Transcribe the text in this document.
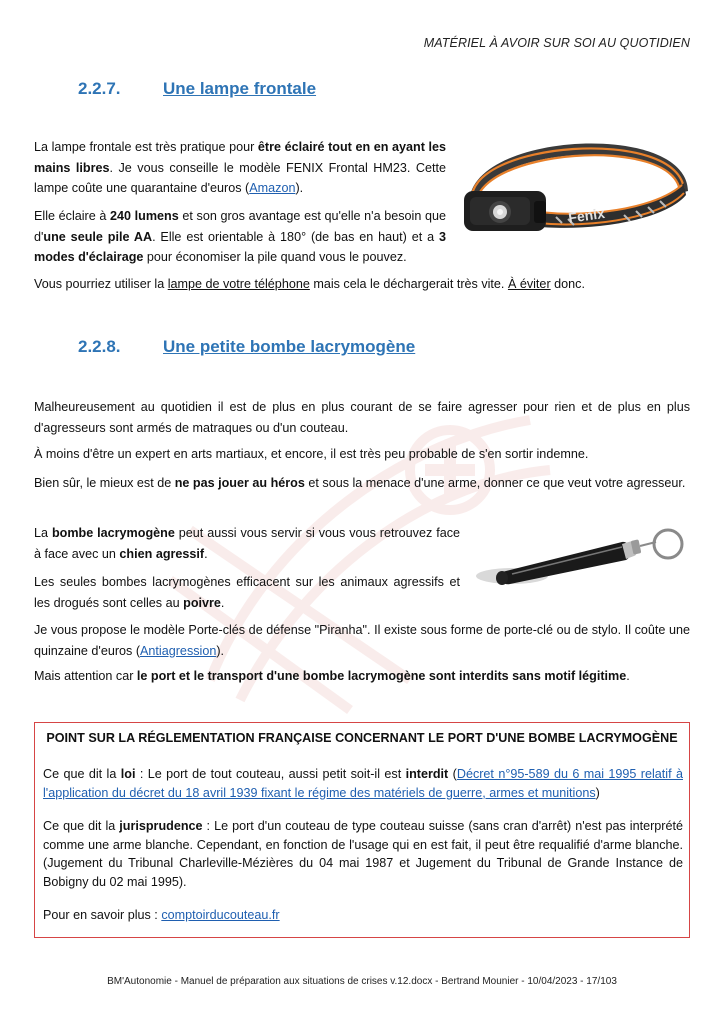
MATÉRIEL À AVOIR SUR SOI AU QUOTIDIEN
2.2.7. Une lampe frontale
La lampe frontale est très pratique pour être éclairé tout en en ayant les mains libres. Je vous conseille le modèle FENIX Frontal HM23. Cette lampe coûte une quarantaine d'euros (Amazon).
Elle éclaire à 240 lumens et son gros avantage est qu'elle n'a besoin que d'une seule pile AA. Elle est orientable à 180° (de bas en haut) et a 3 modes d'éclairage pour économiser la pile quand vous le pouvez.
Fenix
Vous pourriez utiliser la lampe de votre téléphone mais cela le déchargerait très vite. À éviter donc.
2.2.8. Une petite bombe lacrymogène
Malheureusement au quotidien il est de plus en plus courant de se faire agresser pour rien et de plus en plus d'agresseurs sont armés de matraques ou d'un couteau.
À moins d'être un expert en arts martiaux, et encore, il est très peu probable de s'en sortir indemne.
Bien sûr, le mieux est de ne pas jouer au héros et sous la menace d'une arme, donner ce que veut votre agresseur.
La bombe lacrymogène peut aussi vous servir si vous vous retrouvez face à face avec un chien agressif.
Les seules bombes lacrymogènes efficacent sur les animaux agressifs et les drogués sont celles au poivre.
Je vous propose le modèle Porte-clés de défense "Piranha". Il existe sous forme de porte-clé ou de stylo. Il coûte une quinzaine d'euros (Antiagression).
Mais attention car le port et le transport d'une bombe lacrymogène sont interdits sans motif légitime.
POINT SUR LA RÉGLEMENTATION FRANÇAISE CONCERNANT LE PORT D'UNE BOMBE LACRYMOGÈNE
Ce que dit la loi : Le port de tout couteau, aussi petit soit-il est interdit (Décret n°95-589 du 6 mai 1995 relatif à l'application du décret du 18 avril 1939 fixant le régime des matériels de guerre, armes et munitions)
Ce que dit la jurisprudence : Le port d'un couteau de type couteau suisse (sans cran d'arrêt) n'est pas interprété comme une arme blanche. Cependant, en fonction de l'usage qui en est fait, il peut être requalifié d'arme blanche. (Jugement du Tribunal Charleville-Mézières du 04 mai 1987 et Jugement du Tribunal de Grande Instance de Bobigny du 02 mai 1995).
Pour en savoir plus : comptoirducouteau.fr
BM'Autonomie - Manuel de préparation aux situations de crises v.12.docx - Bertrand Mounier - 10/04/2023 - 17/103
